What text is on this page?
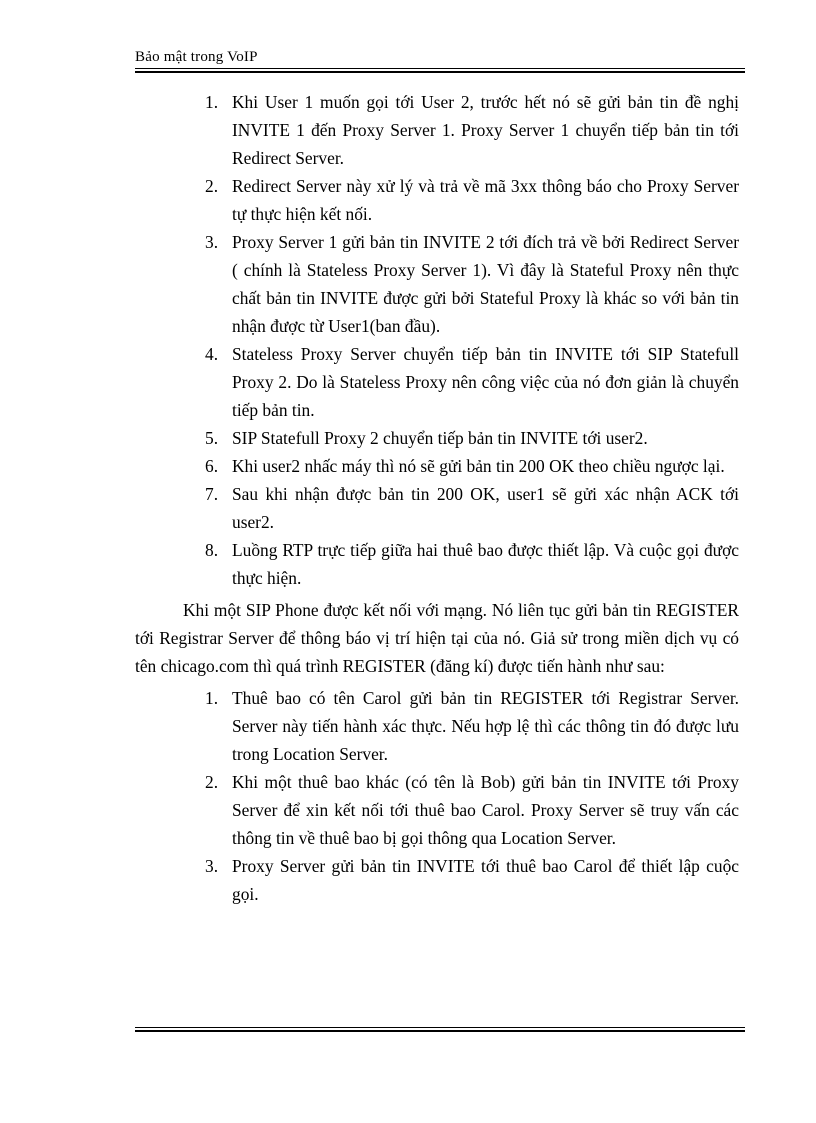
Bảo mật trong VoIP
1. Khi User 1 muốn gọi tới User 2, trước hết nó sẽ gửi bản tin đề nghị INVITE 1 đến Proxy Server 1. Proxy Server 1 chuyển tiếp bản tin tới Redirect Server.
2. Redirect Server này xử lý và trả về mã 3xx thông báo cho Proxy Server tự thực hiện kết nối.
3. Proxy Server 1 gửi bản tin INVITE 2 tới đích trả về bởi Redirect Server ( chính là Stateless Proxy Server 1). Vì đây là Stateful Proxy nên thực chất bản tin INVITE được gửi bởi Stateful Proxy là khác so với bản tin nhận được từ User1(ban đầu).
4. Stateless Proxy Server chuyển tiếp bản tin INVITE tới SIP Statefull Proxy 2. Do là Stateless Proxy nên công việc của nó đơn giản là chuyển tiếp bản tin.
5. SIP Statefull Proxy 2 chuyển tiếp bản tin INVITE tới user2.
6. Khi user2 nhấc máy thì nó sẽ gửi bản tin 200 OK theo chiều ngược lại.
7. Sau khi nhận được bản tin 200 OK, user1 sẽ gửi xác nhận ACK tới user2.
8. Luồng RTP trực tiếp giữa hai thuê bao được thiết lập. Và cuộc gọi được thực hiện.

Khi một SIP Phone được kết nối với mạng. Nó liên tục gửi bản tin REGISTER tới Registrar Server để thông báo vị trí hiện tại của nó. Giả sử trong miền dịch vụ có tên chicago.com thì quá trình REGISTER (đăng kí) được tiến hành như sau:

1. Thuê bao có tên Carol gửi bản tin REGISTER tới Registrar Server. Server này tiến hành xác thực. Nếu hợp lệ thì các thông tin đó được lưu trong Location Server.
2. Khi một thuê bao khác (có tên là Bob) gửi bản tin INVITE tới Proxy Server để xin kết nối tới thuê bao Carol. Proxy Server sẽ truy vấn các thông tin về thuê bao bị gọi thông qua Location Server.
3. Proxy Server gửi bản tin INVITE tới thuê bao Carol để thiết lập cuộc gọi.
